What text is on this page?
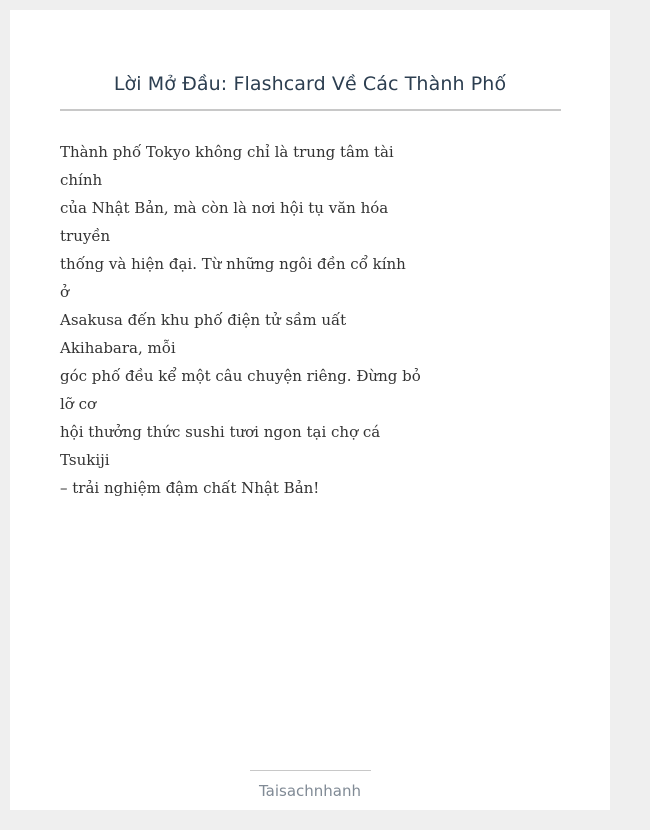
Lời Mở Đầu: Flashcard Về Các Thành Phố
Thành phố Tokyo không chỉ là trung tâm tài
chính
của Nhật Bản, mà còn là nơi hội tụ văn hóa
truyền
thống và hiện đại. Từ những ngôi đền cổ kính
ở
Asakusa đến khu phố điện tử sầm uất
Akihabara, mỗi
góc phố đều kể một câu chuyện riêng. Đừng bỏ
lỡ cơ
hội thưởng thức sushi tươi ngon tại chợ cá
Tsukiji
– trải nghiệm đậm chất Nhật Bản!
Taisachnhanh
